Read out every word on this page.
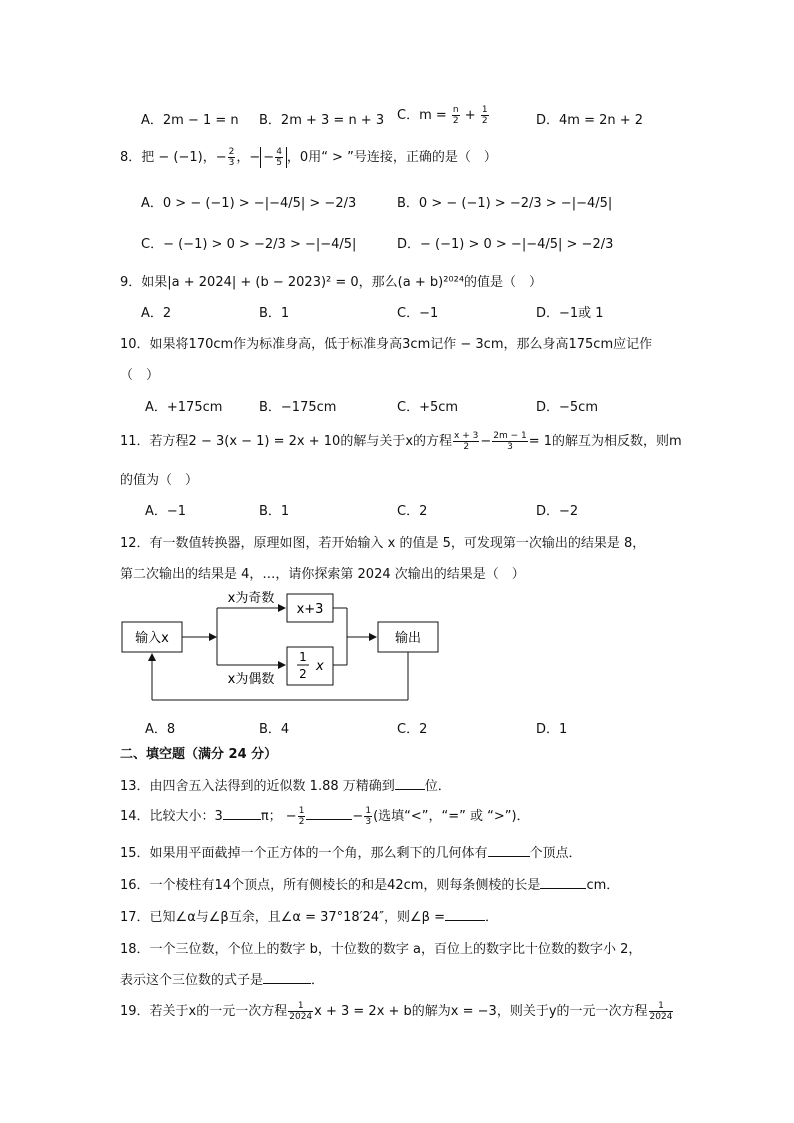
A．2m − 1 = n B．2m + 3 = n + 3 C．$m = \frac{n}{2} + \frac{1}{2}$	D．4m = 2n + 2
8．把 − (−1)，− $\frac{2}{3}$ ，− − $\frac{4}{5}$ ，0用“ > ”号连接，正确的是（　）
A．0 > − (−1) > −|−4/5| > −2/3	B．0 > − (−1) > −2/3 > −|−4/5|
C．− (−1) > 0 > −2/3 > −|−4/5|	D．− (−1) > 0 > −|−4/5| > −2/3
9．如果|a + 2024| + (b − 2023)² = 0，那么(a + b)²⁰²⁴的值是（　）
A．2	B．1	C．−1	D．−1或 1
10．如果将170cm作为标准身高，低于标准身高3cm记作 − 3cm，那么身高175cm应记作
（　）
A．+175cm	B．−175cm	C．+5cm	D．−5cm
11．若方程2 − 3(x − 1) = 2x + 10的解与关于x的方程 $\frac{x + 3}{2} - \frac{2m - 1}{3} = 1$的解互为相反数，则m
的值为（　）
A．−1	B．1	C．2	D．−2
12．有一数值转换器，原理如图，若开始输入 x 的值是 5，可发现第一次输出的结果是 8，
第二次输出的结果是 4，…，请你探索第 2024 次输出的结果是（　）
输入x
x为奇数
x+3
x为偶数
1
2 x
输出
A．8	B．4	C．2	D．1
二、填空题（满分 24 分）
13．由四舍五入法得到的近似数 1.88 万精确到 位．
14．比较大小：3	π； − $\frac{1}{2}$	− $\frac{1}{3}$ (选填“<”，“=” 或 “>”)．
15．如果用平面截掉一个正方体的一个角，那么剩下的几何体有	个顶点．
16．一个棱柱有14个顶点，所有侧棱长的和是42cm，则每条侧棱的长是	cm．
17．已知∠α与∠β互余，且∠α = 37°18′24″，则∠β =	．
18．一个三位数，个位上的数字 b，十位数的数字 a，百位上的数字比十位数的数字小 2，
表示这个三位数的式子是	．
19．若关于x的一元一次方程 $\frac{1}{2024}$ x + 3 = 2x + b的解为x = −3，则关于y的一元一次方程 $\frac{1}{2024}$
